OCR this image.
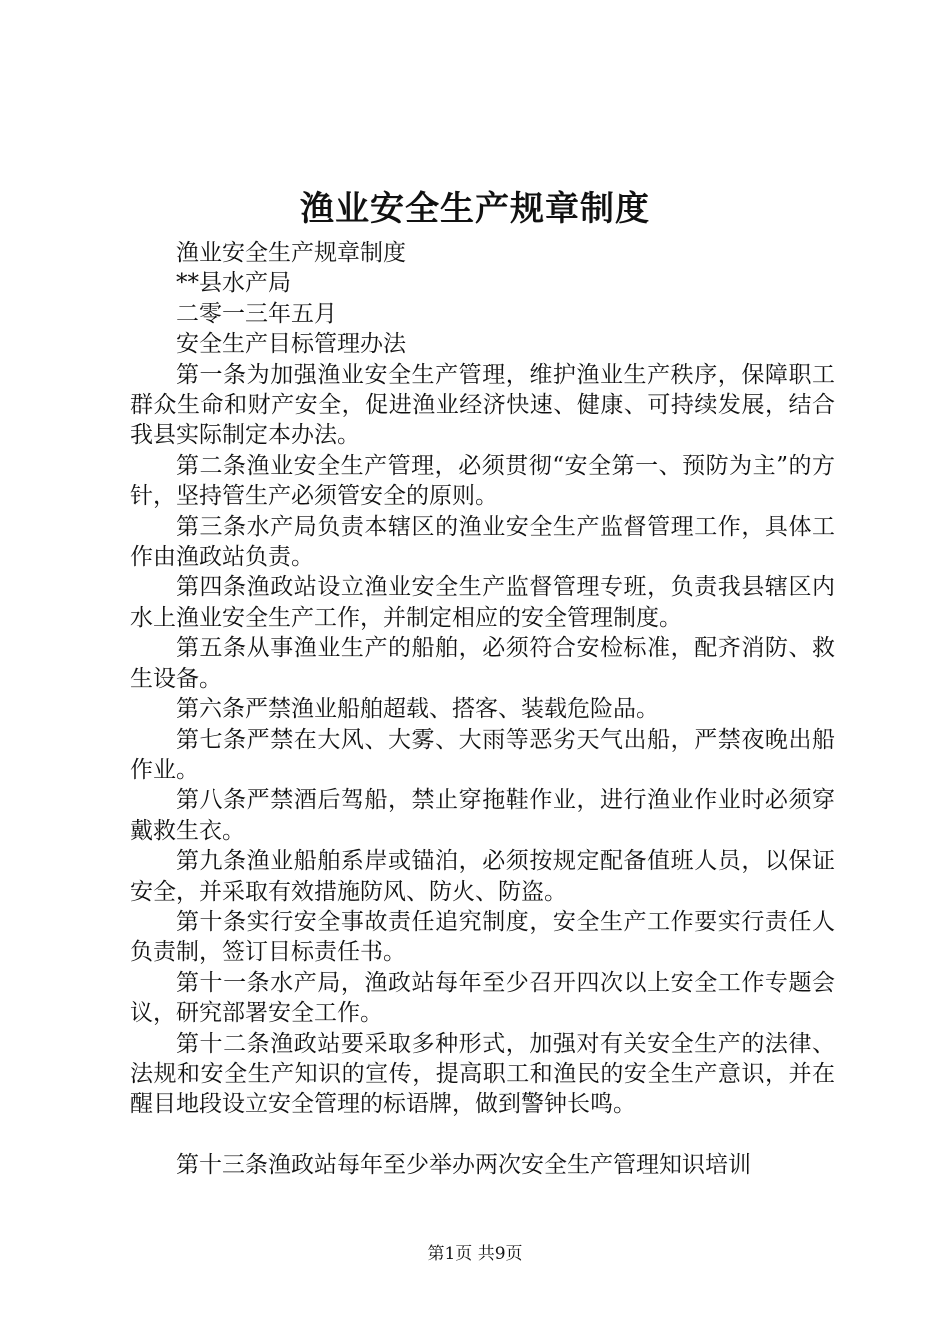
渔业安全生产规章制度

渔业安全生产规章制度

**县水产局

二零一三年五月

安全生产目标管理办法

第一条为加强渔业安全生产管理，维护渔业生产秩序，保障职工群众生命和财产安全，促进渔业经济快速、健康、可持续发展，结合我县实际制定本办法。

第二条渔业安全生产管理，必须贯彻“安全第一、预防为主”的方针，坚持管生产必须管安全的原则。

第三条水产局负责本辖区的渔业安全生产监督管理工作，具体工作由渔政站负责。

第四条渔政站设立渔业安全生产监督管理专班，负责我县辖区内水上渔业安全生产工作，并制定相应的安全管理制度。

第五条从事渔业生产的船舶，必须符合安检标准，配齐消防、救生设备。

第六条严禁渔业船舶超载、搭客、装载危险品。

第七条严禁在大风、大雾、大雨等恶劣天气出船，严禁夜晚出船作业。

第八条严禁酒后驾船，禁止穿拖鞋作业，进行渔业作业时必须穿戴救生衣。

第九条渔业船舶系岸或锚泊，必须按规定配备值班人员，以保证安全，并采取有效措施防风、防火、防盗。

第十条实行安全事故责任追究制度，安全生产工作要实行责任人负责制，签订目标责任书。

第十一条水产局，渔政站每年至少召开四次以上安全工作专题会议，研究部署安全工作。

第十二条渔政站要采取多种形式，加强对有关安全生产的法律、法规和安全生产知识的宣传，提高职工和渔民的安全生产意识，并在醒目地段设立安全管理的标语牌，做到警钟长鸣。

第十三条渔政站每年至少举办两次安全生产管理知识培训

第1页 共9页
